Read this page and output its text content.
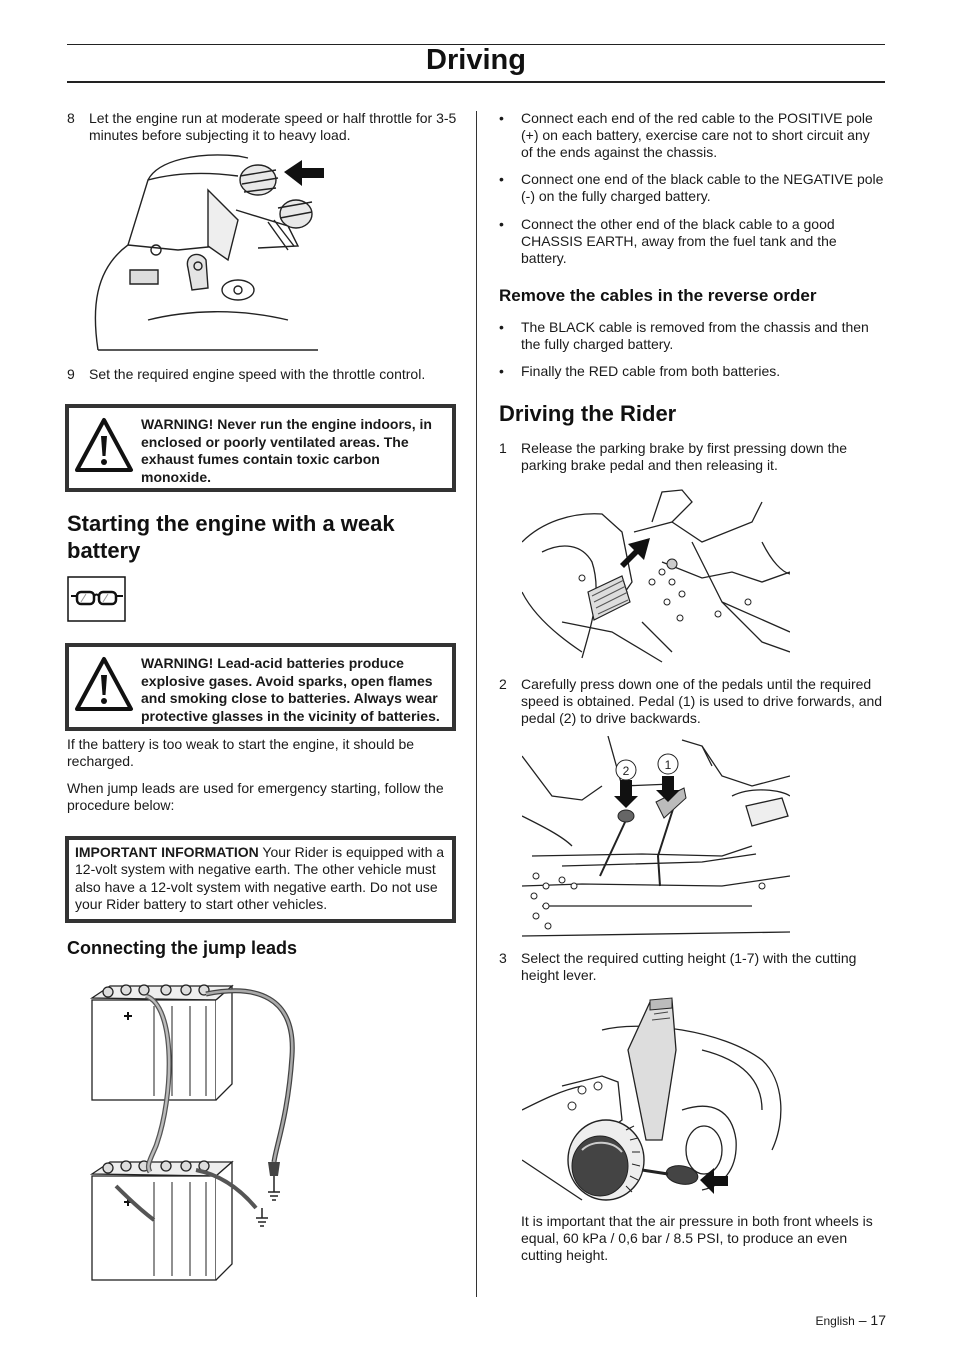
Driving
8 Let the engine run at moderate speed or half throttle for 3-5 minutes before subjecting it to heavy load.
9 Set the required engine speed with the throttle control.
WARNING! Never run the engine indoors, in enclosed or poorly ventilated areas. The exhaust fumes contain toxic carbon monoxide.
Starting the engine with a weak battery
WARNING! Lead-acid batteries produce explosive gases. Avoid sparks, open flames and smoking close to batteries. Always wear protective glasses in the vicinity of batteries.
If the battery is too weak to start the engine, it should be recharged.
When jump leads are used for emergency starting, follow the procedure below:
IMPORTANT INFORMATION Your Rider is equipped with a 12-volt system with negative earth. The other vehicle must also have a 12-volt system with negative earth. Do not use your Rider battery to start other vehicles.
Connecting the jump leads
• Connect each end of the red cable to the POSITIVE pole (+) on each battery, exercise care not to short circuit any of the ends against the chassis.
• Connect one end of the black cable to the NEGATIVE pole (-) on the fully charged battery.
• Connect the other end of the black cable to a good CHASSIS EARTH, away from the fuel tank and the battery.
Remove the cables in the reverse order
• The BLACK cable is removed from the chassis and then the fully charged battery.
• Finally the RED cable from both batteries.
Driving the Rider
1 Release the parking brake by first pressing down the parking brake pedal and then releasing it.
2 Carefully press down one of the pedals until the required speed is obtained. Pedal (1) is used to drive forwards, and pedal (2) to drive backwards.
2	1
3 Select the required cutting height (1-7) with the cutting height lever.
It is important that the air pressure in both front wheels is equal, 60 kPa / 0,6 bar / 8.5 PSI, to produce an even cutting height.
English – 17
